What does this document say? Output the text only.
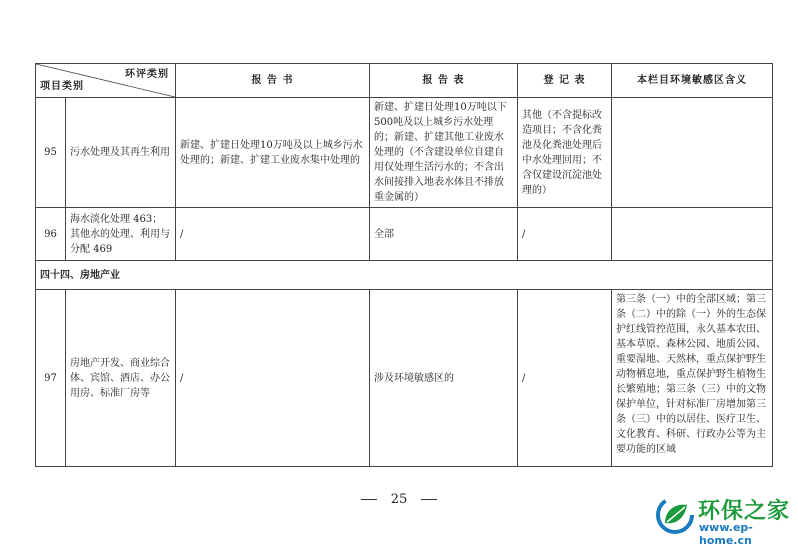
环评类别
项目类别		报 告 书	报 告 表	登 记 表	本栏目环境敏感区含义
95	污水处理及其再生利用	新建、扩建日处理10万吨及以上城乡污水处理的；新建、扩建工业废水集中处理的	新建、扩建日处理10万吨以下500吨及以上城乡污水处理的；新建、扩建其他工业废水处理的（不含建设单位自建自用仅处理生活污水的；不含出水间接排入地表水体且不排放重金属的）	其他（不含提标改造项目；不含化粪池及化粪池处理后中水处理回用；不含仅建设沉淀池处理的）	
96	海水淡化处理 463；其他水的处理、利用与分配 469	/	全部	/	
四十四、房地产业					
97	房地产开发、商业综合体、宾馆、酒店、办公用房、标准厂房等	/	涉及环境敏感区的	/	第三条（一）中的全部区域；第三条（二）中的除（一）外的生态保护红线管控范围，永久基本农田、基本草原、森林公园、地质公园、重要湿地、天然林，重点保护野生动物栖息地，重点保护野生植物生长繁殖地；第三条（三）中的文物保护单位，针对标准厂房增加第三条（三）中的以居住、医疗卫生、文化教育、科研、行政办公等为主要功能的区域
25	环保之家
www.ep-home.cn
